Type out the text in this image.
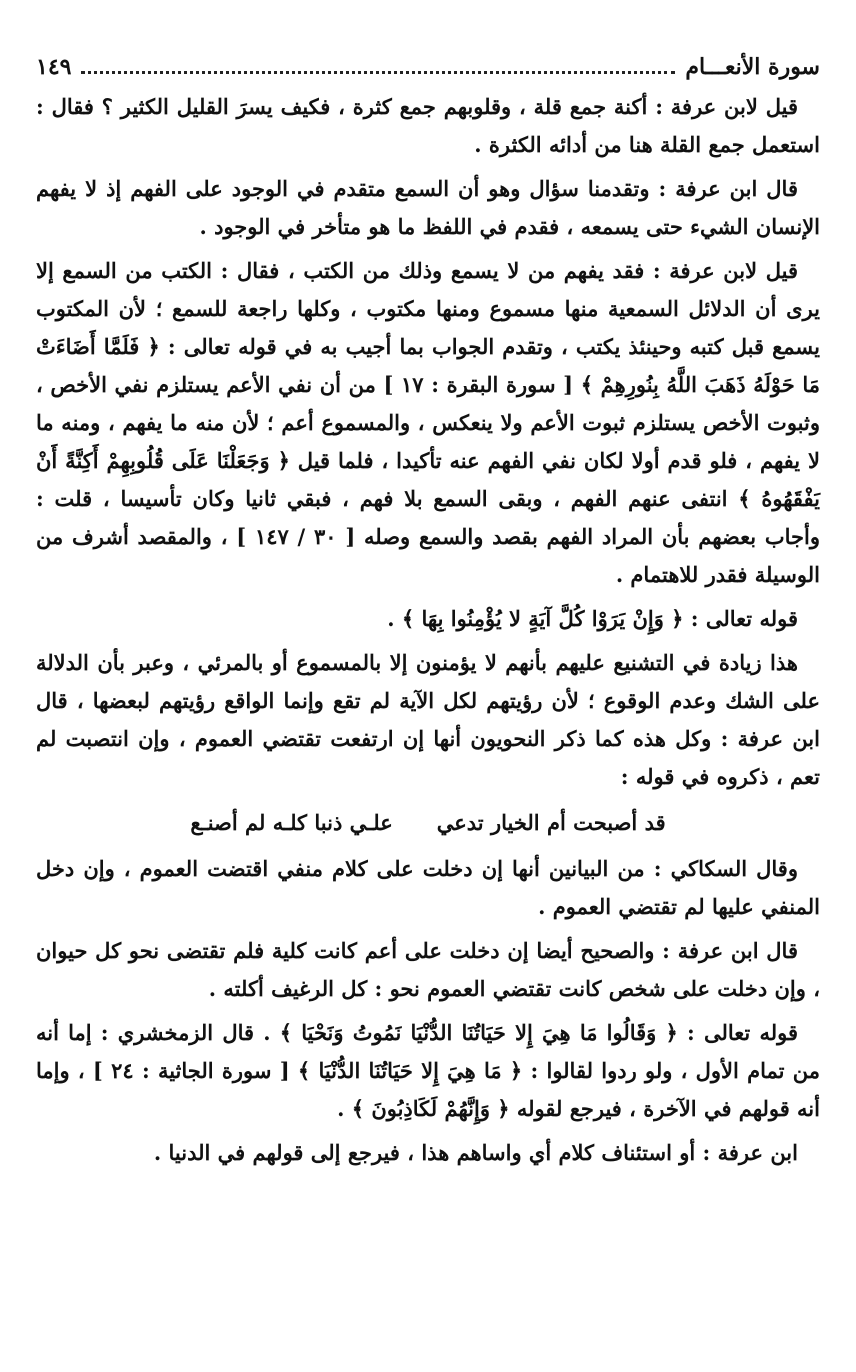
سورة الأنعـــام
١٤٩

قيل لابن عرفة : أكنة جمع قلة ، وقلوبهم جمع كثرة ، فكيف يسرَ القليل الكثير ؟ فقال : استعمل جمع القلة هنا من أدائه الكثرة .

قال ابن عرفة : وتقدمنا سؤال وهو أن السمع متقدم في الوجود على الفهم إذ لا يفهم الإنسان الشيء حتى يسمعه ، فقدم في اللفظ ما هو متأخر في الوجود .

قيل لابن عرفة : فقد يفهم من لا يسمع وذلك من الكتب ، فقال : الكتب من السمع إلا يرى أن الدلائل السمعية منها مسموع ومنها مكتوب ، وكلها راجعة للسمع ؛ لأن المكتوب يسمع قبل كتبه وحينئذ يكتب ، وتقدم الجواب بما أجيب به في قوله تعالى : ﴿ فَلَمَّا أَضَاءَتْ مَا حَوْلَهُ ذَهَبَ اللَّهُ بِنُورِهِمْ ﴾ [ سورة البقرة : ١٧ ] من أن نفي الأعم يستلزم نفي الأخص ، وثبوت الأخص يستلزم ثبوت الأعم ولا ينعكس ، والمسموع أعم ؛ لأن منه ما يفهم ، ومنه ما لا يفهم ، فلو قدم أولا لكان نفي الفهم عنه تأكيدا ، فلما قيل ﴿ وَجَعَلْنَا عَلَى قُلُوبِهِمْ أَكِنَّةً أَنْ يَفْقَهُوهُ ﴾ انتفى عنهم الفهم ، وبقى السمع بلا فهم ، فبقي ثانيا وكان تأسيسا ، قلت : وأجاب بعضهم بأن المراد الفهم بقصد والسمع وصله [ ٣٠ / ١٤٧ ] ، والمقصد أشرف من الوسيلة فقدر للاهتمام .

قوله تعالى : ﴿ وَإِنْ يَرَوْا كُلَّ آيَةٍ لا يُؤْمِنُوا بِهَا ﴾ .

هذا زيادة في التشنيع عليهم بأنهم لا يؤمنون إلا بالمسموع أو بالمرئي ، وعبر بأن الدلالة على الشك وعدم الوقوع ؛ لأن رؤيتهم لكل الآية لم تقع وإنما الواقع رؤيتهم لبعضها ، قال ابن عرفة : وكل هذه كما ذكر النحويون أنها إن ارتفعت تقتضي العموم ، وإن انتصبت لم تعم ، ذكروه في قوله :

قد أصبحت أم الخيار تدعي
علـي ذنبا كلـه لم أصنـع

وقال السكاكي : من البيانين أنها إن دخلت على كلام منفي اقتضت العموم ، وإن دخل المنفي عليها لم تقتضي العموم .

قال ابن عرفة : والصحيح أيضا إن دخلت على أعم كانت كلية فلم تقتضى نحو كل حيوان ، وإن دخلت على شخص كانت تقتضي العموم نحو : كل الرغيف أكلته .

قوله تعالى : ﴿ وَقَالُوا مَا هِيَ إِلا حَيَاتُنَا الدُّنْيَا نَمُوتُ وَنَحْيَا ﴾ . قال الزمخشري : إما أنه من تمام الأول ، ولو ردوا لقالوا : ﴿ مَا هِيَ إِلا حَيَاتُنَا الدُّنْيَا ﴾ [ سورة الجاثية : ٢٤ ] ، وإما أنه قولهم في الآخرة ، فيرجع لقوله ﴿ وَإِنَّهُمْ لَكَاذِبُونَ ﴾ .

ابن عرفة : أو استئناف كلام أي واساهم هذا ، فيرجع إلى قولهم في الدنيا .
